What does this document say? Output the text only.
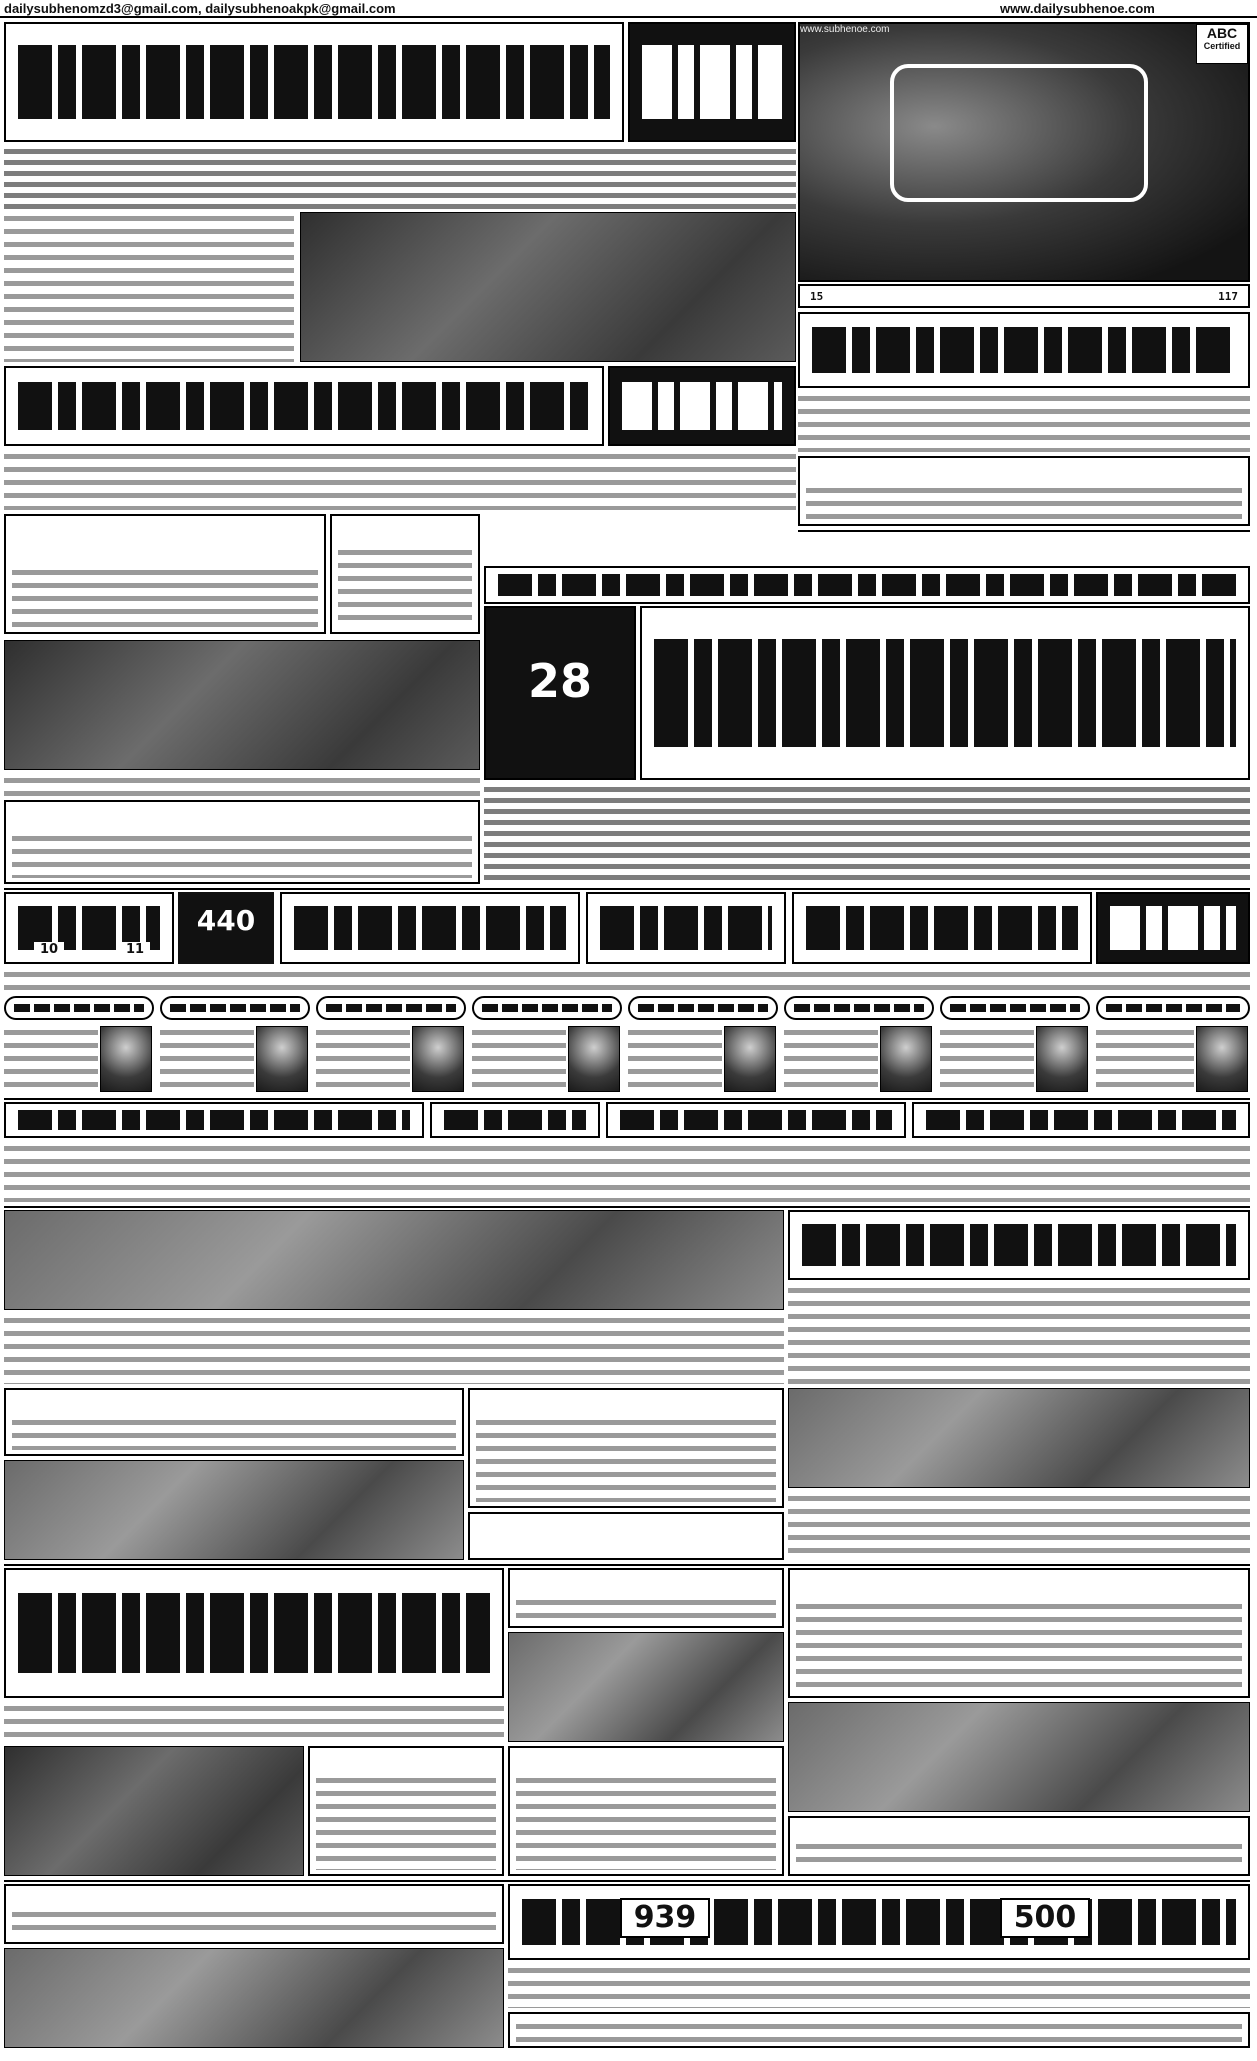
dailysubhenomzd3@gmail.com, dailysubhenoakpk@gmail.com	www.dailysubhenoe.com
www.subhenoe.com	ABC
Certified
15	117
28
440
939	500
11
10
